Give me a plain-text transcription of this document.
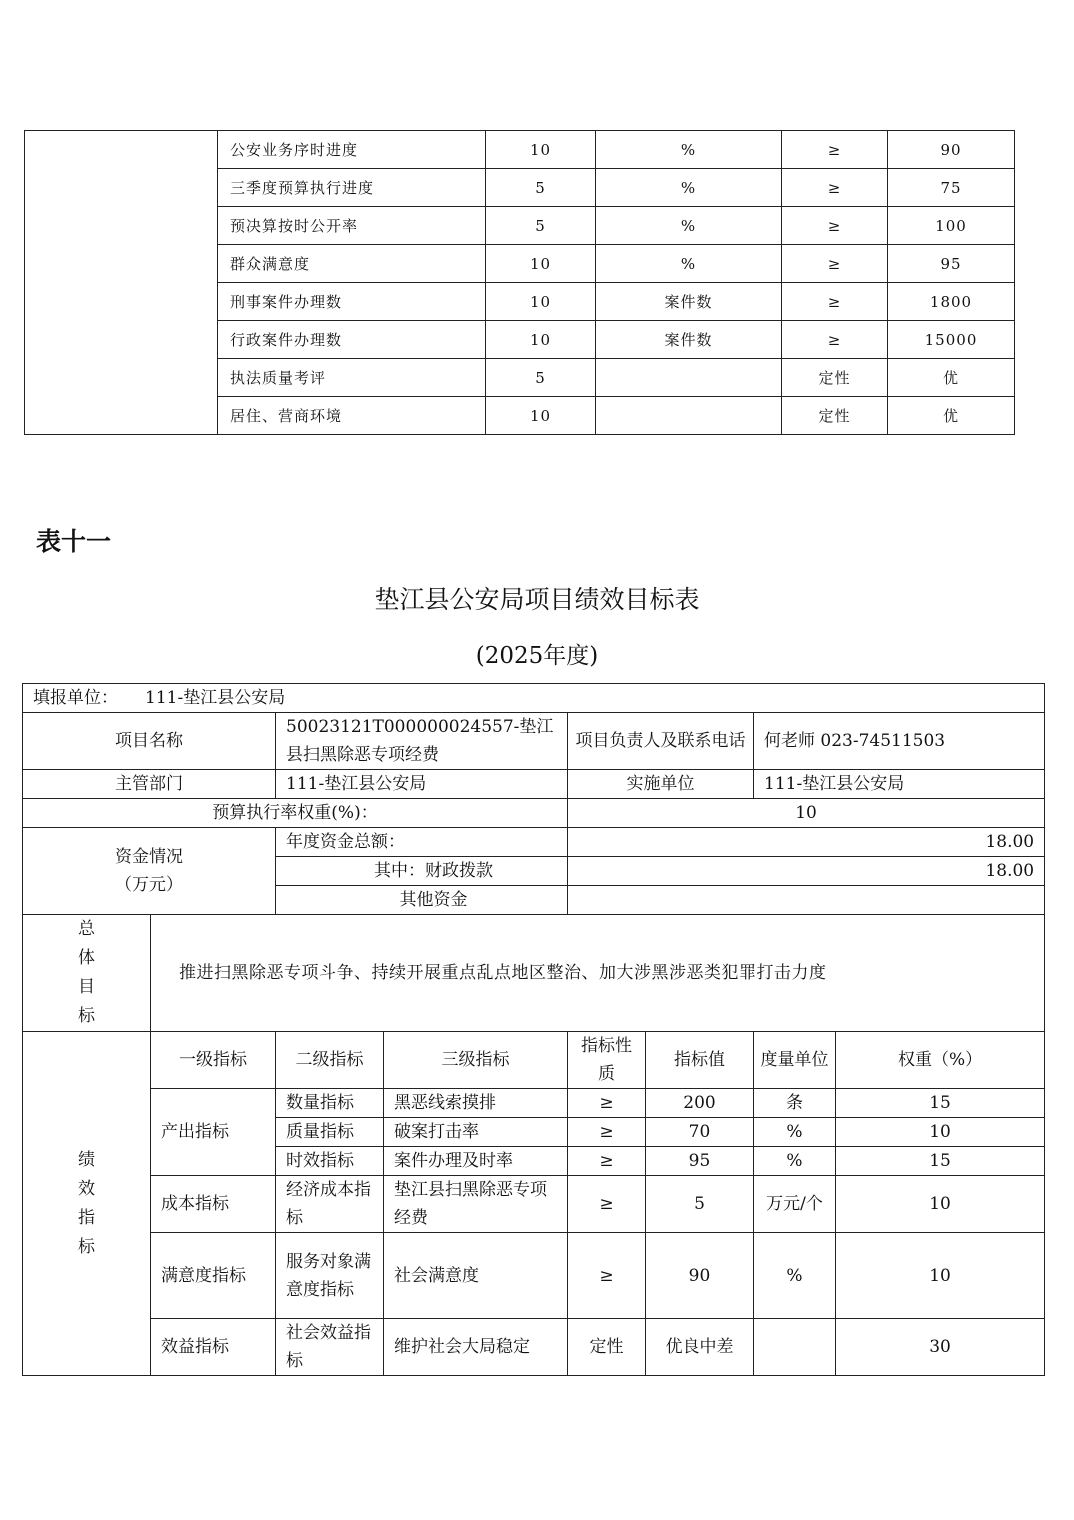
	公安业务序时进度	10	%	≥	90
	三季度预算执行进度	5	%	≥	75
	预决算按时公开率	5	%	≥	100
	群众满意度	10	%	≥	95
	刑事案件办理数	10	案件数	≥	1800
	行政案件办理数	10	案件数	≥	15000
	执法质量考评	5		定性	优
	居住、营商环境	10		定性	优
表十一
垫江县公安局项目绩效目标表
(2025年度)
填报单位： 111-垫江县公安局							
项目名称		50023121T000000024557-垫江县扫黑除恶专项经费		项目负责人及联系电话		何老师 023-74511503	
主管部门		111-垫江县公安局		实施单位		111-垫江县公安局	
预算执行率权重(%)：				10			

资金情况
（万元）		年度资金总额：		18.00			
		其中：财政拨款		18.00			
		其他资金					

总
体
目
标	推进扫黑除恶专项斗争、持续开展重点乱点地区整治、加大涉黑涉恶类犯罪打击力度						

绩
效
指
标	一级指标	二级指标	三级指标	指标性质	指标值	度量单位	权重（%）
	产出指标	数量指标	黑恶线索摸排	≥	200	条	15
		质量指标	破案打击率	≥	70	%	10
		时效指标	案件办理及时率	≥	95	%	15
	成本指标	经济成本指标	垫江县扫黑除恶专项经费	≥	5	万元/个	10
	满意度指标	服务对象满意度指标	社会满意度	≥	90	%	10
	效益指标	社会效益指标	维护社会大局稳定	定性	优良中差		30
